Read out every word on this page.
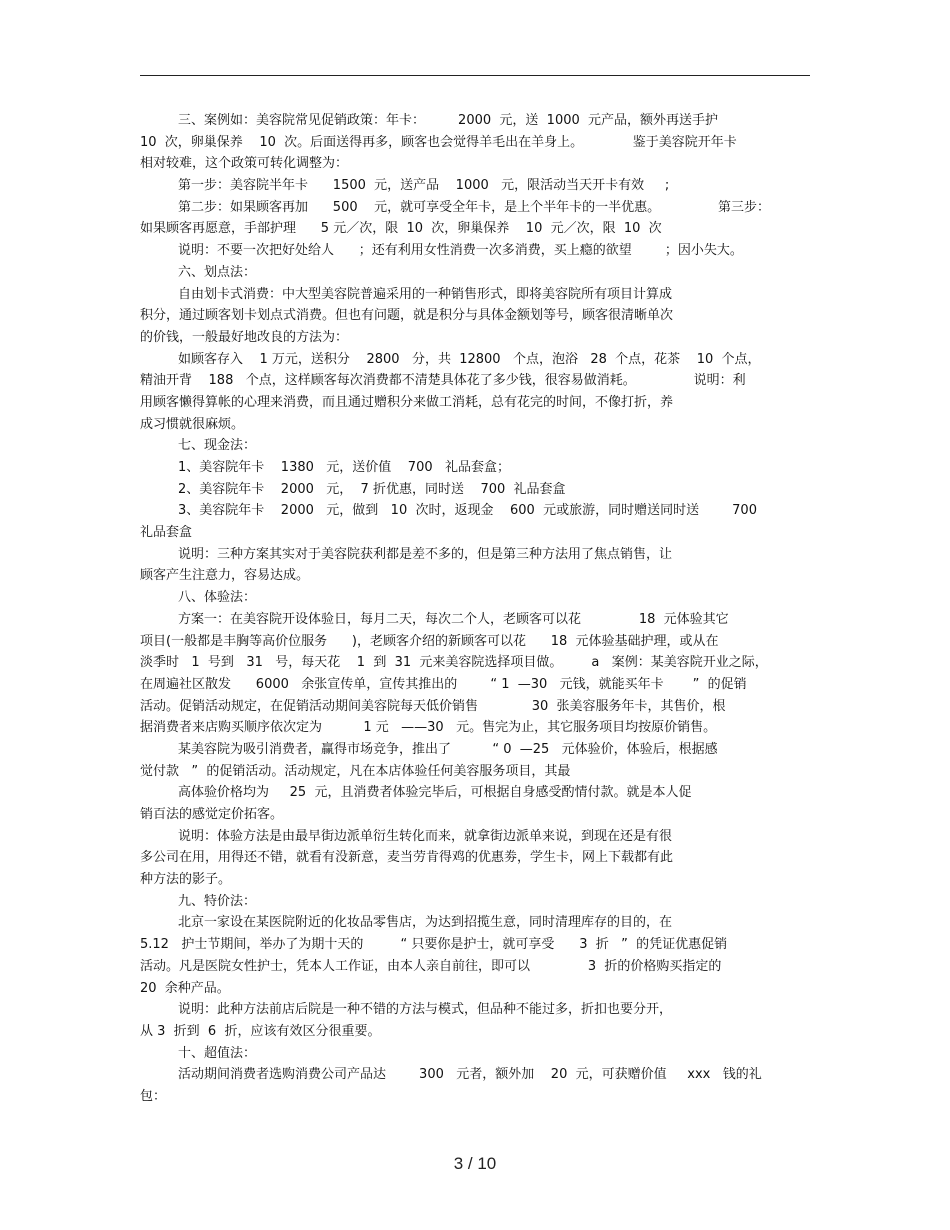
三、案例如：美容院常见促销政策：年卡：        2000  元，送  1000  元产品，额外再送手护
10  次，卵巢保养    10  次。后面送得再多，顾客也会觉得羊毛出在羊身上。            鉴于美容院开年卡
相对较难，这个政策可转化调整为：
第一步：美容院半年卡      1500  元，送产品    1000   元，限活动当天开卡有效     ;
第二步：如果顾客再加      500    元，就可享受全年卡，是上个半年卡的一半优惠。              第三步：
如果顾客再愿意，手部护理      5 元／次，限  10  次，卵巢保养    10  元／次，限  10  次
说明：不要一次把好处给人      ；还有利用女性消费一次多消费，买上瘾的欲望        ；因小失大。
六、划点法：
自由划卡式消费：中大型美容院普遍采用的一种销售形式，即将美容院所有项目计算成
积分，通过顾客划卡划点式消费。但也有问题，就是积分与具体金额划等号，顾客很清晰单次
的价钱，一般最好地改良的方法为：
如顾客存入    1 万元，送积分    2800   分，共  12800   个点，泡浴   28  个点，花茶    10  个点，
精油开背    188   个点，这样顾客每次消费都不清楚具体花了多少钱，很容易做消耗。              说明：利
用顾客懒得算帐的心理来消费，而且通过赠积分来做工消耗，总有花完的时间，不像打折，养
成习惯就很麻烦。
七、现金法：
1、美容院年卡    1380   元，送价值    700   礼品套盒；
2、美容院年卡    2000   元，  7 折优惠，同时送    700  礼品套盒
3、美容院年卡    2000   元，做到   10  次时，返现金    600  元或旅游，同时赠送同时送        700
礼品套盒
说明：三种方案其实对于美容院获利都是差不多的，但是第三种方法用了焦点销售，让
顾客产生注意力，容易达成。
八、体验法：
方案一：在美容院开设体验日，每月二天，每次二个人，老顾客可以花              18  元体验其它
项目(一般都是丰胸等高价位服务      )，老顾客介绍的新顾客可以花      18  元体验基础护理，或从在
淡季时   1  号到   31   号，每天花    1  到  31  元来美容院选择项目做。       a   案例：某美容院开业之际，
在周遍社区散发      6000   余张宣传单，宣传其推出的        “ 1  —30   元钱，就能买年卡       ”  的促销
活动。促销活动规定，在促销活动期间美容院每天低价销售             30  张美容服务年卡，其售价，根
据消费者来店购买顺序依次定为          1 元   ——30   元。售完为止，其它服务项目均按原价销售。
某美容院为吸引消费者，赢得市场竞争，推出了          “ 0  —25   元体验价，体验后，根据感
觉付款   ”  的促销活动。活动规定，凡在本店体验任何美容服务项目，其最
高体验价格均为     25  元，且消费者体验完毕后，可根据自身感受酌情付款。就是本人促
销百法的感觉定价拓客。
说明：体验方法是由最早街边派单衍生转化而来，就拿街边派单来说，到现在还是有很
多公司在用，用得还不错，就看有没新意，麦当劳肯得鸡的优惠劵，学生卡，网上下载都有此
种方法的影子。
九、特价法：
北京一家设在某医院附近的化妆品零售店，为达到招揽生意，同时清理库存的目的，在
5.12   护士节期间，举办了为期十天的         “ 只要你是护士，就可享受      3  折   ”  的凭证优惠促销
活动。凡是医院女性护士，凭本人工作证，由本人亲自前往，即可以              3  折的价格购买指定的
20  余种产品。
说明：此种方法前店后院是一种不错的方法与模式，但品种不能过多，折扣也要分开，
从 3  折到  6  折，应该有效区分很重要。
十、超值法：
活动期间消费者选购消费公司产品达        300   元者，额外加    20  元，可获赠价值     xxx   钱的礼
包：
3 / 10
